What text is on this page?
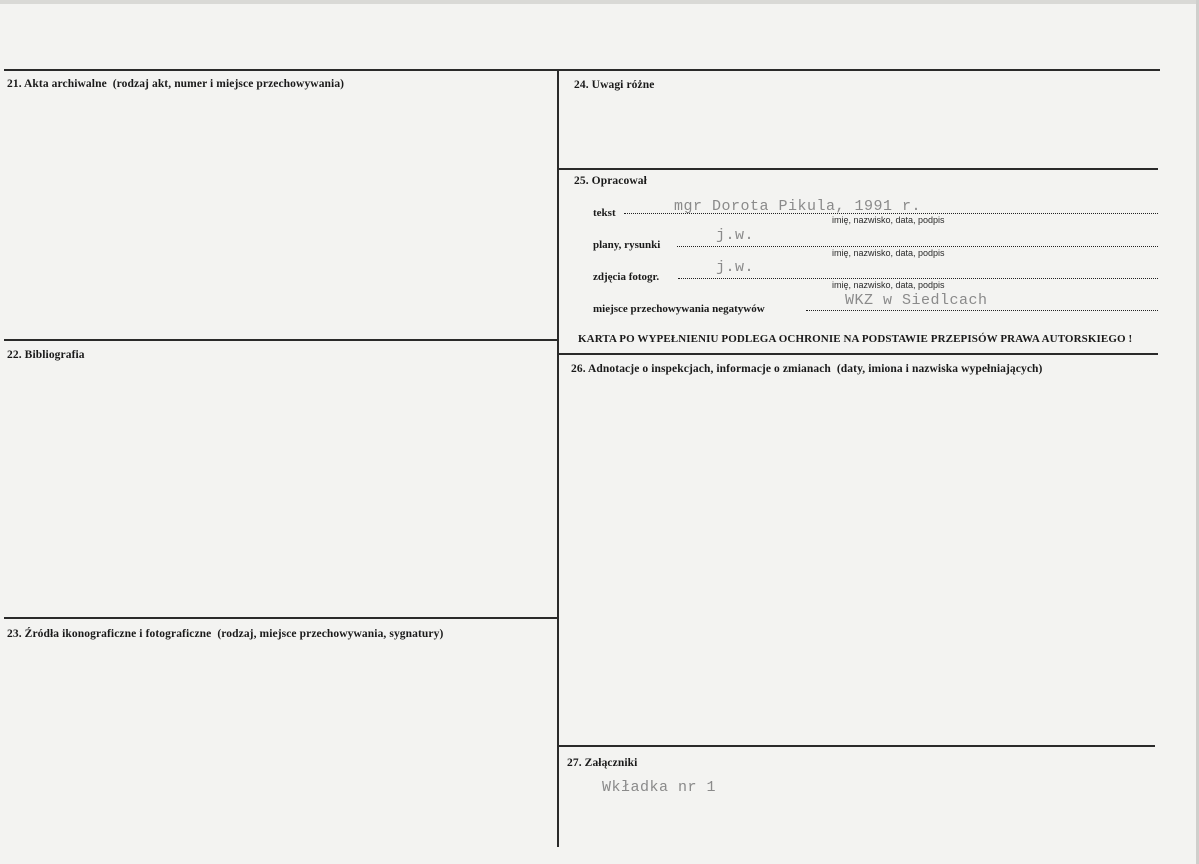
21. Akta archiwalne (rodzaj akt, numer i miejsce przechowywania)
22. Bibliografia
23. Źródła ikonograficzne i fotograficzne (rodzaj, miejsce przechowywania, sygnatury)
24. Uwagi różne
25. Opracował
tekst	mgr Dorota Pikula, 1991 r.
imię, nazwisko, data, podpis
plany, rysunki
j.w.
imię, nazwisko, data, podpis
zdjęcia fotogr.
j.w.
imię, nazwisko, data, podpis
miejsce przechowywania negatywów	WKZ w Siedlcach
KARTA PO WYPEŁNIENIU PODLEGA OCHRONIE NA PODSTAWIE PRZEPISÓW PRAWA AUTORSKIEGO !
26. Adnotacje o inspekcjach, informacje o zmianach (daty, imiona i nazwiska wypełniających)
27. Załączniki
Wkładka nr 1
